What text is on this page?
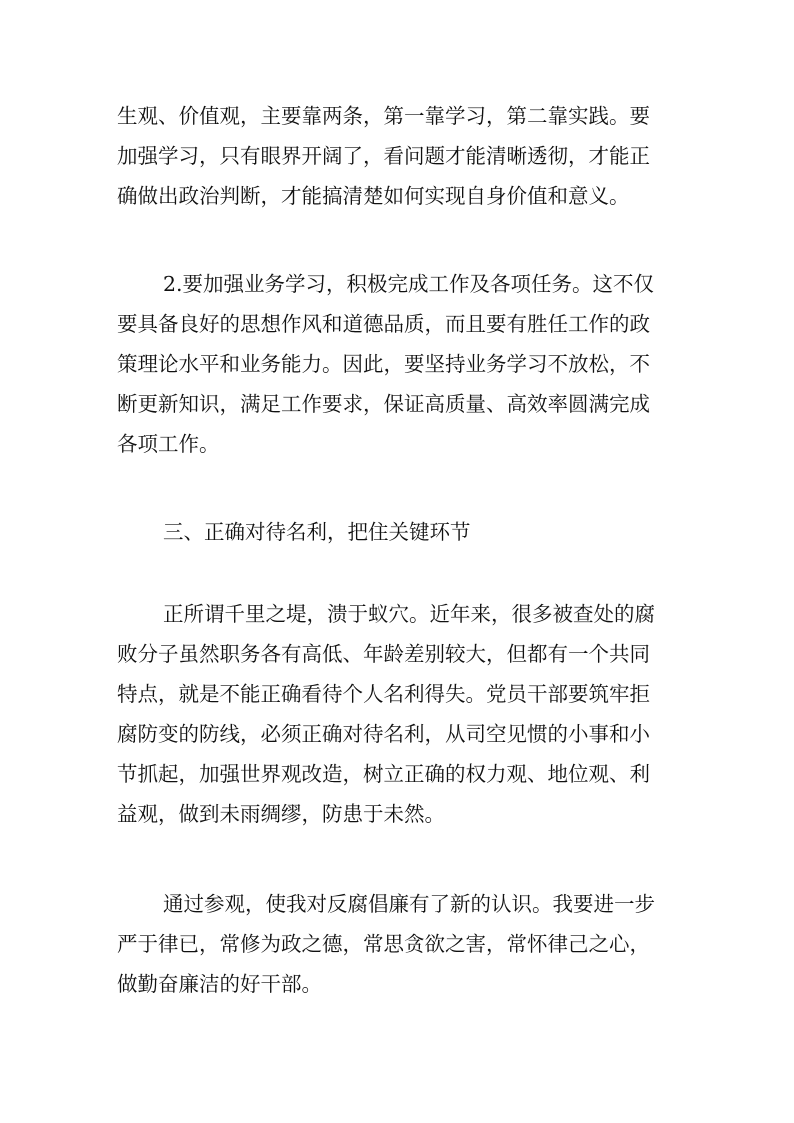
生观、价值观，主要靠两条，第一靠学习，第二靠实践。要
加强学习，只有眼界开阔了，看问题才能清晰透彻，才能正
确做出政治判断，才能搞清楚如何实现自身价值和意义。
2.要加强业务学习，积极完成工作及各项任务。这不仅
要具备良好的思想作风和道德品质，而且要有胜任工作的政
策理论水平和业务能力。因此，要坚持业务学习不放松，不
断更新知识，满足工作要求，保证高质量、高效率圆满完成
各项工作。
三、正确对待名利，把住关键环节
正所谓千里之堤，溃于蚁穴。近年来，很多被查处的腐
败分子虽然职务各有高低、年龄差别较大，但都有一个共同
特点，就是不能正确看待个人名利得失。党员干部要筑牢拒
腐防变的防线，必须正确对待名利，从司空见惯的小事和小
节抓起，加强世界观改造，树立正确的权力观、地位观、利
益观，做到未雨绸缪，防患于未然。
通过参观，使我对反腐倡廉有了新的认识。我要进一步
严于律已，常修为政之德，常思贪欲之害，常怀律己之心，
做勤奋廉洁的好干部。
